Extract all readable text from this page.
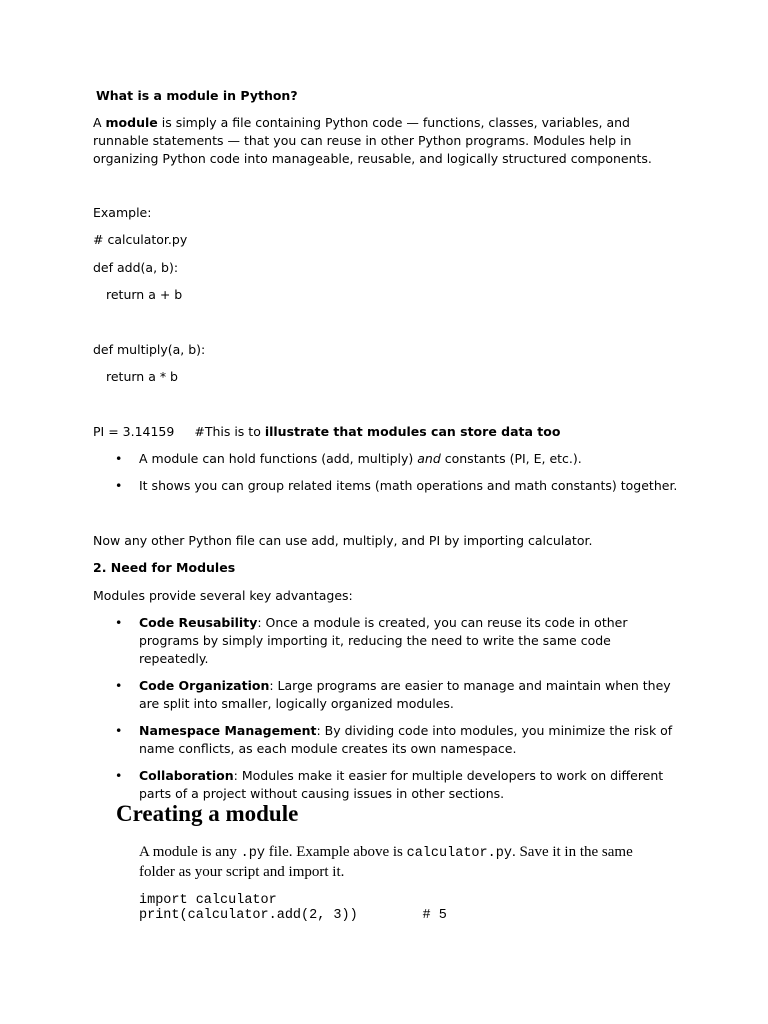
What is a module in Python?
A module is simply a file containing Python code — functions, classes, variables, and runnable statements — that you can reuse in other Python programs. Modules help in organizing Python code into manageable, reusable, and logically structured components.
Example:
# calculator.py
def add(a, b):
return a + b
def multiply(a, b):
return a * b
PI = 3.14159 #This is to illustrate that modules can store data too
• A module can hold functions (add, multiply) and constants (PI, E, etc.).
• It shows you can group related items (math operations and math constants) together.
Now any other Python file can use add, multiply, and PI by importing calculator.
2. Need for Modules
Modules provide several key advantages:
• Code Reusability: Once a module is created, you can reuse its code in other programs by simply importing it, reducing the need to write the same code repeatedly.
• Code Organization: Large programs are easier to manage and maintain when they are split into smaller, logically organized modules.
• Namespace Management: By dividing code into modules, you minimize the risk of name conflicts, as each module creates its own namespace.
• Collaboration: Modules make it easier for multiple developers to work on different parts of a project without causing issues in other sections.
Creating a module
A module is any .py file. Example above is calculator.py. Save it in the same folder as your script and import it.
import calculator
print(calculator.add(2, 3))        # 5
